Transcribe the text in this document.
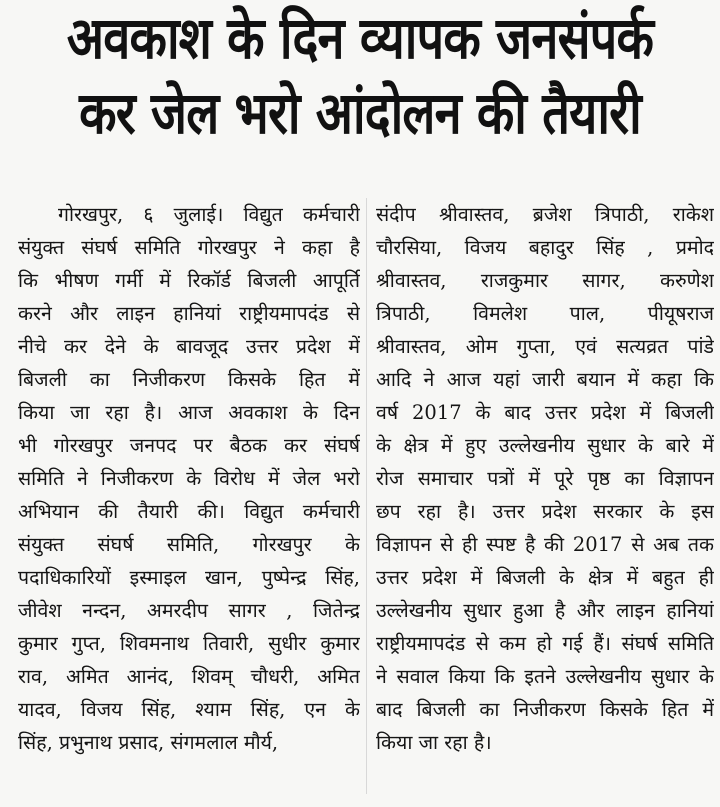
अवकाश के दिन व्यापक जनसंपर्क
कर जेल भरो आंदोलन की तैयारी
गोरखपुर, ६ जुलाई। विद्युत कर्मचारी
संयुक्त संघर्ष समिति गोरखपुर ने कहा है
कि भीषण गर्मी में रिकॉर्ड बिजली आपूर्ति
करने और लाइन हानियां राष्ट्रीयमापदंड से
नीचे कर देने के बावजूद उत्तर प्रदेश में
बिजली का निजीकरण किसके हित में
किया जा रहा है। आज अवकाश के दिन
भी गोरखपुर जनपद पर बैठक कर संघर्ष
समिति ने निजीकरण के विरोध में जेल भरो
अभियान की तैयारी की। विद्युत कर्मचारी
संयुक्त संघर्ष समिति, गोरखपुर के
पदाधिकारियों इस्माइल खान, पुष्पेन्द्र सिंह,
जीवेश नन्दन, अमरदीप सागर , जितेन्द्र
कुमार गुप्त, शिवमनाथ तिवारी, सुधीर कुमार
राव, अमित आनंद, शिवम् चौधरी, अमित
यादव, विजय सिंह, श्याम सिंह, एन के
सिंह, प्रभुनाथ प्रसाद, संगमलाल मौर्य,
संदीप श्रीवास्तव, ब्रजेश त्रिपाठी, राकेश
चौरसिया, विजय बहादुर सिंह , प्रमोद
श्रीवास्तव, राजकुमार सागर, करुणेश
त्रिपाठी, विमलेश पाल, पीयूषराज
श्रीवास्तव, ओम गुप्ता, एवं सत्यव्रत पांडे
आदि ने आज यहां जारी बयान में कहा कि
वर्ष 2017 के बाद उत्तर प्रदेश में बिजली
के क्षेत्र में हुए उल्लेखनीय सुधार के बारे में
रोज समाचार पत्रों में पूरे पृष्ठ का विज्ञापन
छप रहा है। उत्तर प्रदेश सरकार के इस
विज्ञापन से ही स्पष्ट है की 2017 से अब तक
उत्तर प्रदेश में बिजली के क्षेत्र में बहुत ही
उल्लेखनीय सुधार हुआ है और लाइन हानियां
राष्ट्रीयमापदंड से कम हो गई हैं। संघर्ष समिति
ने सवाल किया कि इतने उल्लेखनीय सुधार के
बाद बिजली का निजीकरण किसके हित में
किया जा रहा है।
